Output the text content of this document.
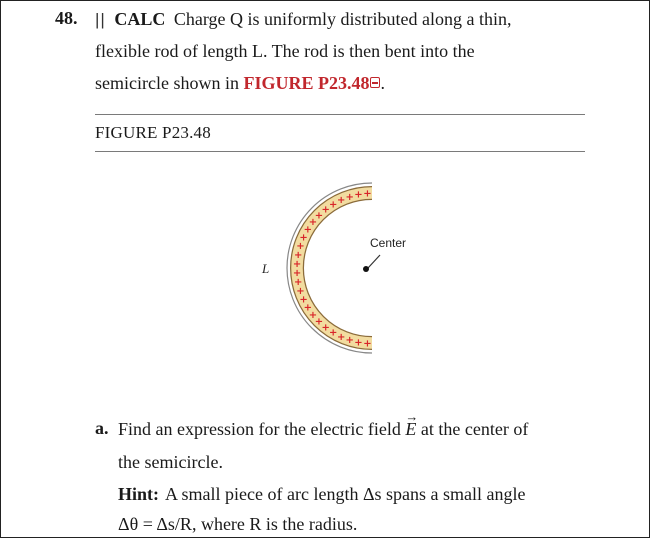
48. || CALC Charge Q is uniformly distributed along a thin,
flexible rod of length L. The rod is then bent into the
semicircle shown in FIGURE P23.48 .
FIGURE P23.48
+
+
+
+
+
+
+
+
+
+
+
+
+
+
+
+
+
+
+
+
+ + + + + +
L
Center
a. Find an expression for the electric field → E at the center of
the semicircle.
Hint: A small piece of arc length Δs spans a small angle
Δθ = Δs/R, where R is the radius.
